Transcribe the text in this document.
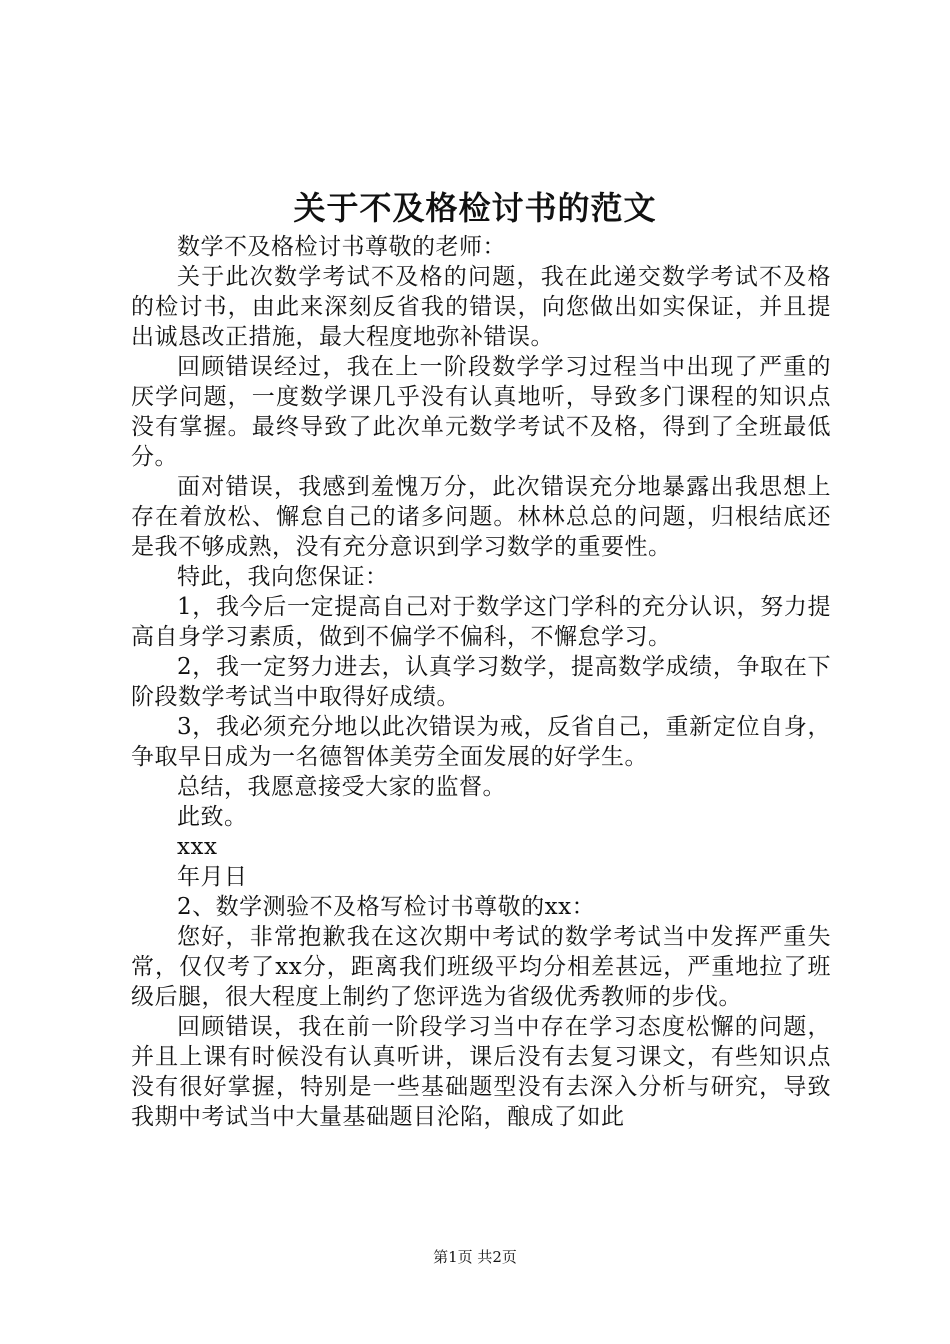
关于不及格检讨书的范文

数学不及格检讨书尊敬的老师：

关于此次数学考试不及格的问题，我在此递交数学考试不及格的检讨书，由此来深刻反省我的错误，向您做出如实保证，并且提出诚恳改正措施，最大程度地弥补错误。

回顾错误经过，我在上一阶段数学学习过程当中出现了严重的厌学问题，一度数学课几乎没有认真地听，导致多门课程的知识点没有掌握。最终导致了此次单元数学考试不及格，得到了全班最低分。

面对错误，我感到羞愧万分，此次错误充分地暴露出我思想上存在着放松、懈怠自己的诸多问题。林林总总的问题，归根结底还是我不够成熟，没有充分意识到学习数学的重要性。

特此，我向您保证：

1，我今后一定提高自己对于数学这门学科的充分认识，努力提高自身学习素质，做到不偏学不偏科，不懈怠学习。

2，我一定努力进去，认真学习数学，提高数学成绩，争取在下阶段数学考试当中取得好成绩。

3，我必须充分地以此次错误为戒，反省自己，重新定位自身，争取早日成为一名德智体美劳全面发展的好学生。

总结，我愿意接受大家的监督。

此致。

xxx

年月日

2、数学测验不及格写检讨书尊敬的xx：

您好，非常抱歉我在这次期中考试的数学考试当中发挥严重失常，仅仅考了xx分，距离我们班级平均分相差甚远，严重地拉了班级后腿，很大程度上制约了您评选为省级优秀教师的步伐。

回顾错误，我在前一阶段学习当中存在学习态度松懈的问题，并且上课有时候没有认真听讲，课后没有去复习课文，有些知识点没有很好掌握，特别是一些基础题型没有去深入分析与研究，导致我期中考试当中大量基础题目沦陷，酿成了如此

第1页 共2页
